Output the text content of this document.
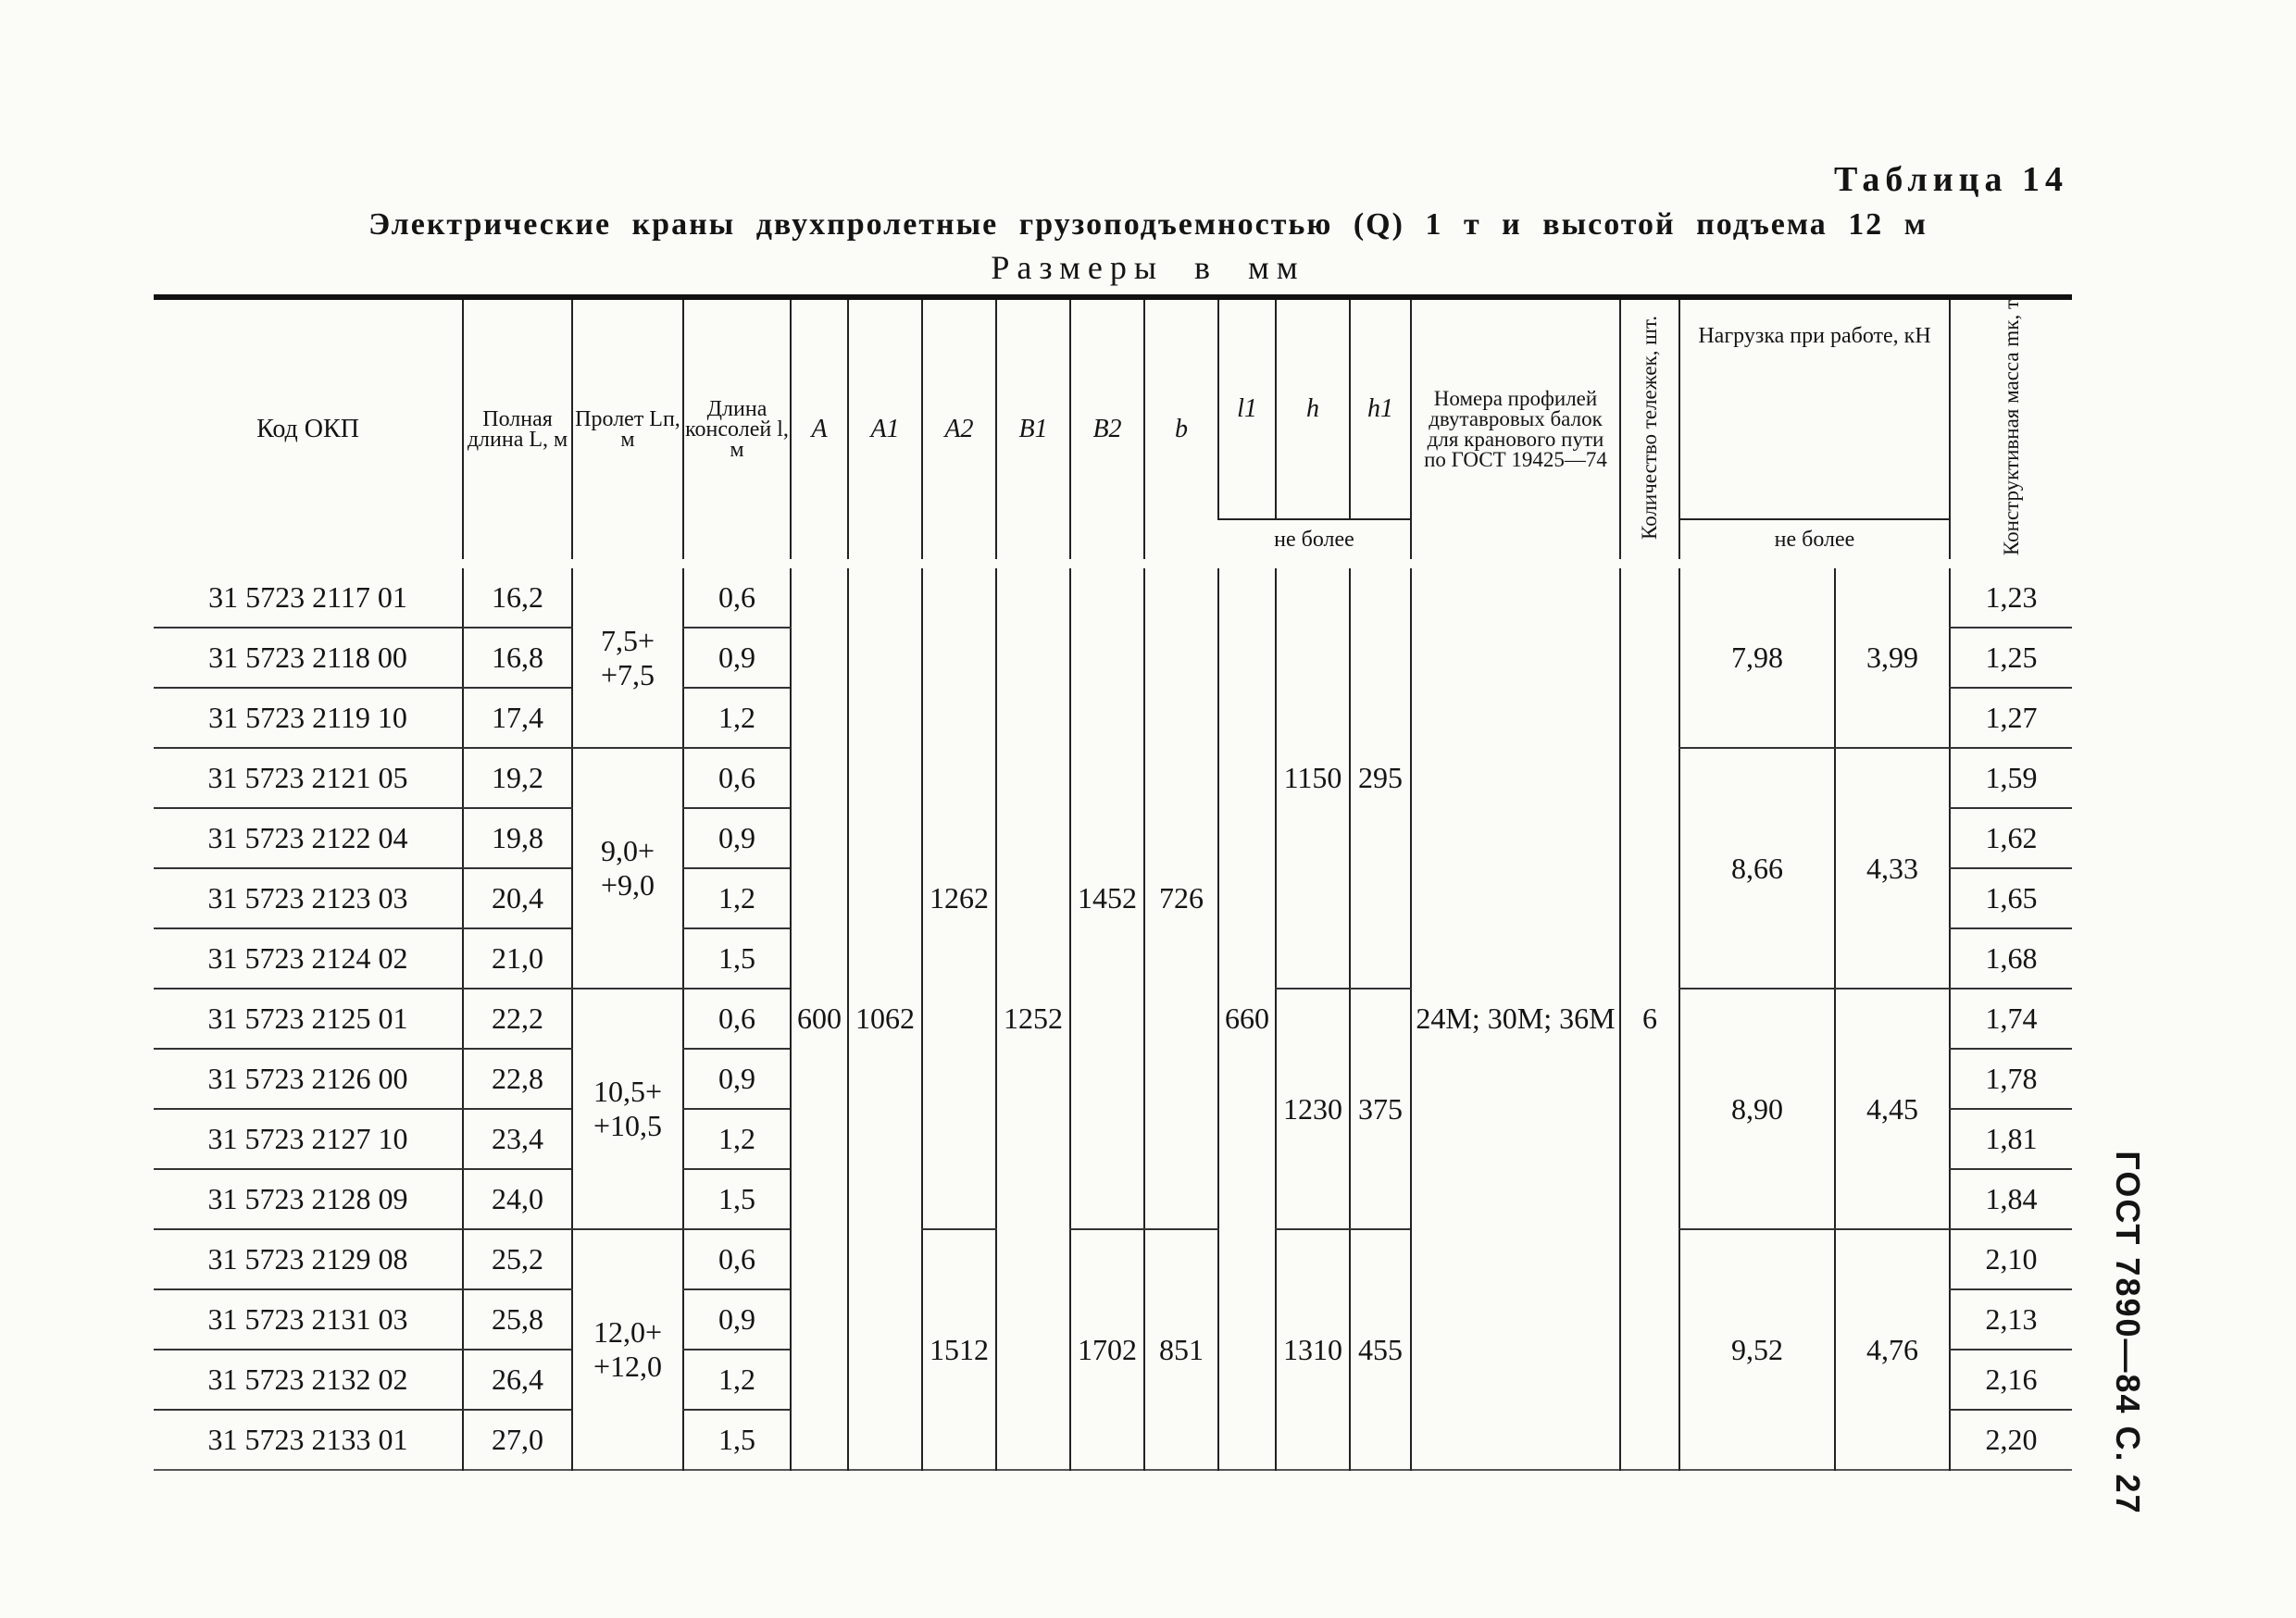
Таблица 14
Электрические краны двухпролетные грузоподъемностью (Q) 1 т и высотой подъема 12 м
Размеры в мм
ГОСТ 7890—84 С. 27
Код ОКП	Полная длина L, м	Пролет Lп, м	Длина консолей l, м	A	A1	A2	B1	B2	b	l1	h	h1	Номера профилей двутавровых балок для кранового пути по ГОСТ 19425—74	Количество тележек, шт.	Нагрузка при работе, кН		Конструктивная масса mк, т
										не более					не более		
31 5723 2117 01	16,2	7,5+ +7,5	0,6	600	1062	1262	1252	1452	726	660	1150	295	24М; 30М; 36М	6	7,98	3,99	1,23
31 5723 2118 00	16,8		0,9														1,25
31 5723 2119 10	17,4		1,2														1,27
31 5723 2121 05	19,2	9,0+ +9,0	0,6												8,66	4,33	1,59
31 5723 2122 04	19,8		0,9														1,62
31 5723 2123 03	20,4		1,2														1,65
31 5723 2124 02	21,0		1,5														1,68
31 5723 2125 01	22,2	10,5+ +10,5	0,6								1230	375			8,90	4,45	1,74
31 5723 2126 00	22,8		0,9														1,78
31 5723 2127 10	23,4		1,2														1,81
31 5723 2128 09	24,0		1,5														1,84
31 5723 2129 08	25,2	12,0+ +12,0	0,6			1512		1702	851		1310	455			9,52	4,76	2,10
31 5723 2131 03	25,8		0,9														2,13
31 5723 2132 02	26,4		1,2														2,16
31 5723 2133 01	27,0		1,5														2,20
